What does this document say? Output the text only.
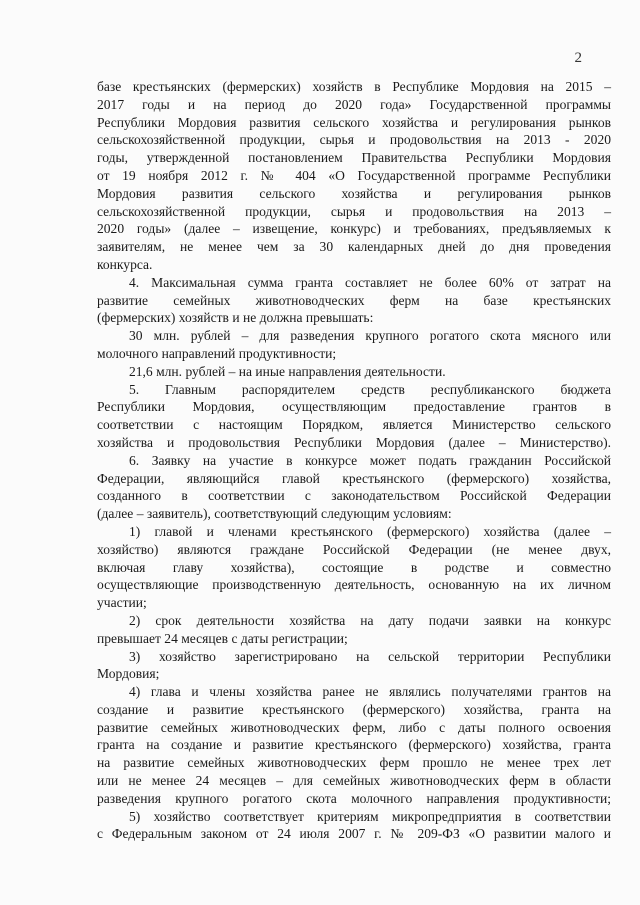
2
базе крестьянских (фермерских) хозяйств в Республике Мордовия на 2015 –
2017 годы и на период до 2020 года» Государственной программы
Республики Мордовия развития сельского хозяйства и регулирования рынков
сельскохозяйственной продукции, сырья и продовольствия на 2013 - 2020
годы, утвержденной постановлением Правительства Республики Мордовия
от 19 ноября 2012 г. № 404 «О Государственной программе Республики
Мордовия развития сельского хозяйства и регулирования рынков
сельскохозяйственной продукции, сырья и продовольствия на 2013 –
2020 годы» (далее – извещение, конкурс) и требованиях, предъявляемых к
заявителям, не менее чем за 30 календарных дней до дня проведения
конкурса.
4. Максимальная сумма гранта составляет не более 60% от затрат на
развитие семейных животноводческих ферм на базе крестьянских
(фермерских) хозяйств и не должна превышать:
30 млн. рублей – для разведения крупного рогатого скота мясного или
молочного направлений продуктивности;
21,6 млн. рублей – на иные направления деятельности.
5. Главным распорядителем средств республиканского бюджета
Республики Мордовия, осуществляющим предоставление грантов в
соответствии с настоящим Порядком, является Министерство сельского
хозяйства и продовольствия Республики Мордовия (далее – Министерство).
6. Заявку на участие в конкурсе может подать гражданин Российской
Федерации, являющийся главой крестьянского (фермерского) хозяйства,
созданного в соответствии с законодательством Российской Федерации
(далее – заявитель), соответствующий следующим условиям:
1) главой и членами крестьянского (фермерского) хозяйства (далее –
хозяйство) являются граждане Российской Федерации (не менее двух,
включая главу хозяйства), состоящие в родстве и совместно
осуществляющие производственную деятельность, основанную на их личном
участии;
2) срок деятельности хозяйства на дату подачи заявки на конкурс
превышает 24 месяцев с даты регистрации;
3) хозяйство зарегистрировано на сельской территории Республики
Мордовия;
4) глава и члены хозяйства ранее не являлись получателями грантов на
создание и развитие крестьянского (фермерского) хозяйства, гранта на
развитие семейных животноводческих ферм, либо с даты полного освоения
гранта на создание и развитие крестьянского (фермерского) хозяйства, гранта
на развитие семейных животноводческих ферм прошло не менее трех лет
или не менее 24 месяцев – для семейных животноводческих ферм в области
разведения крупного рогатого скота молочного направления продуктивности;
5) хозяйство соответствует критериям микропредприятия в соответствии
с Федеральным законом от 24 июля 2007 г. № 209-ФЗ «О развитии малого и
